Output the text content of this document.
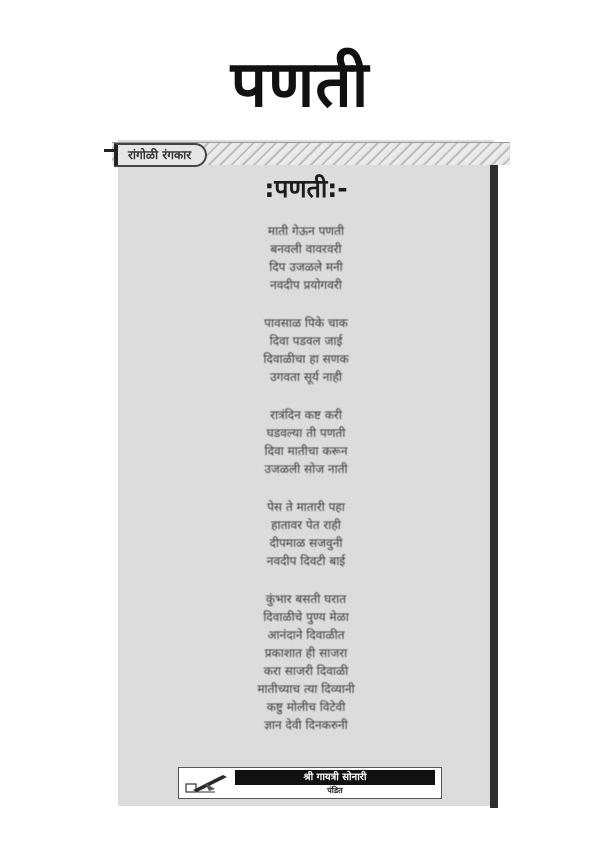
पणती
रांगोळी रंगकार
:पणती:-
माती गेऊन पणती
बनवली वावरवरी
दिप उजळले मनी
नवदीप प्रयोगवरी
पावसाळ पिके चाक
दिवा पडवल जाई
दिवाळीचा हा सणक
उगवता सूर्य नाही
रात्रंदिन कष्ट करी
घडवल्या ती पणती
दिवा मातीचा करून
उजळली सोज नाती
पेस ते मातारी पहा
हातावर पेत राही
दीपमाळ सजवुनी
नवदीप दिवटी बाई
कुंभार बसती घरात
दिवाळीचे पुण्य मेळा
आनंदाने दिवाळीत
प्रकाशात ही साजरा
करा साजरी दिवाळी
मातीच्याच त्या दिव्यानी
कष्टु मोलीच विटेवी
ज्ञान देवी दिनकरुनी
श्री गायत्री सोनारी
पंडित
